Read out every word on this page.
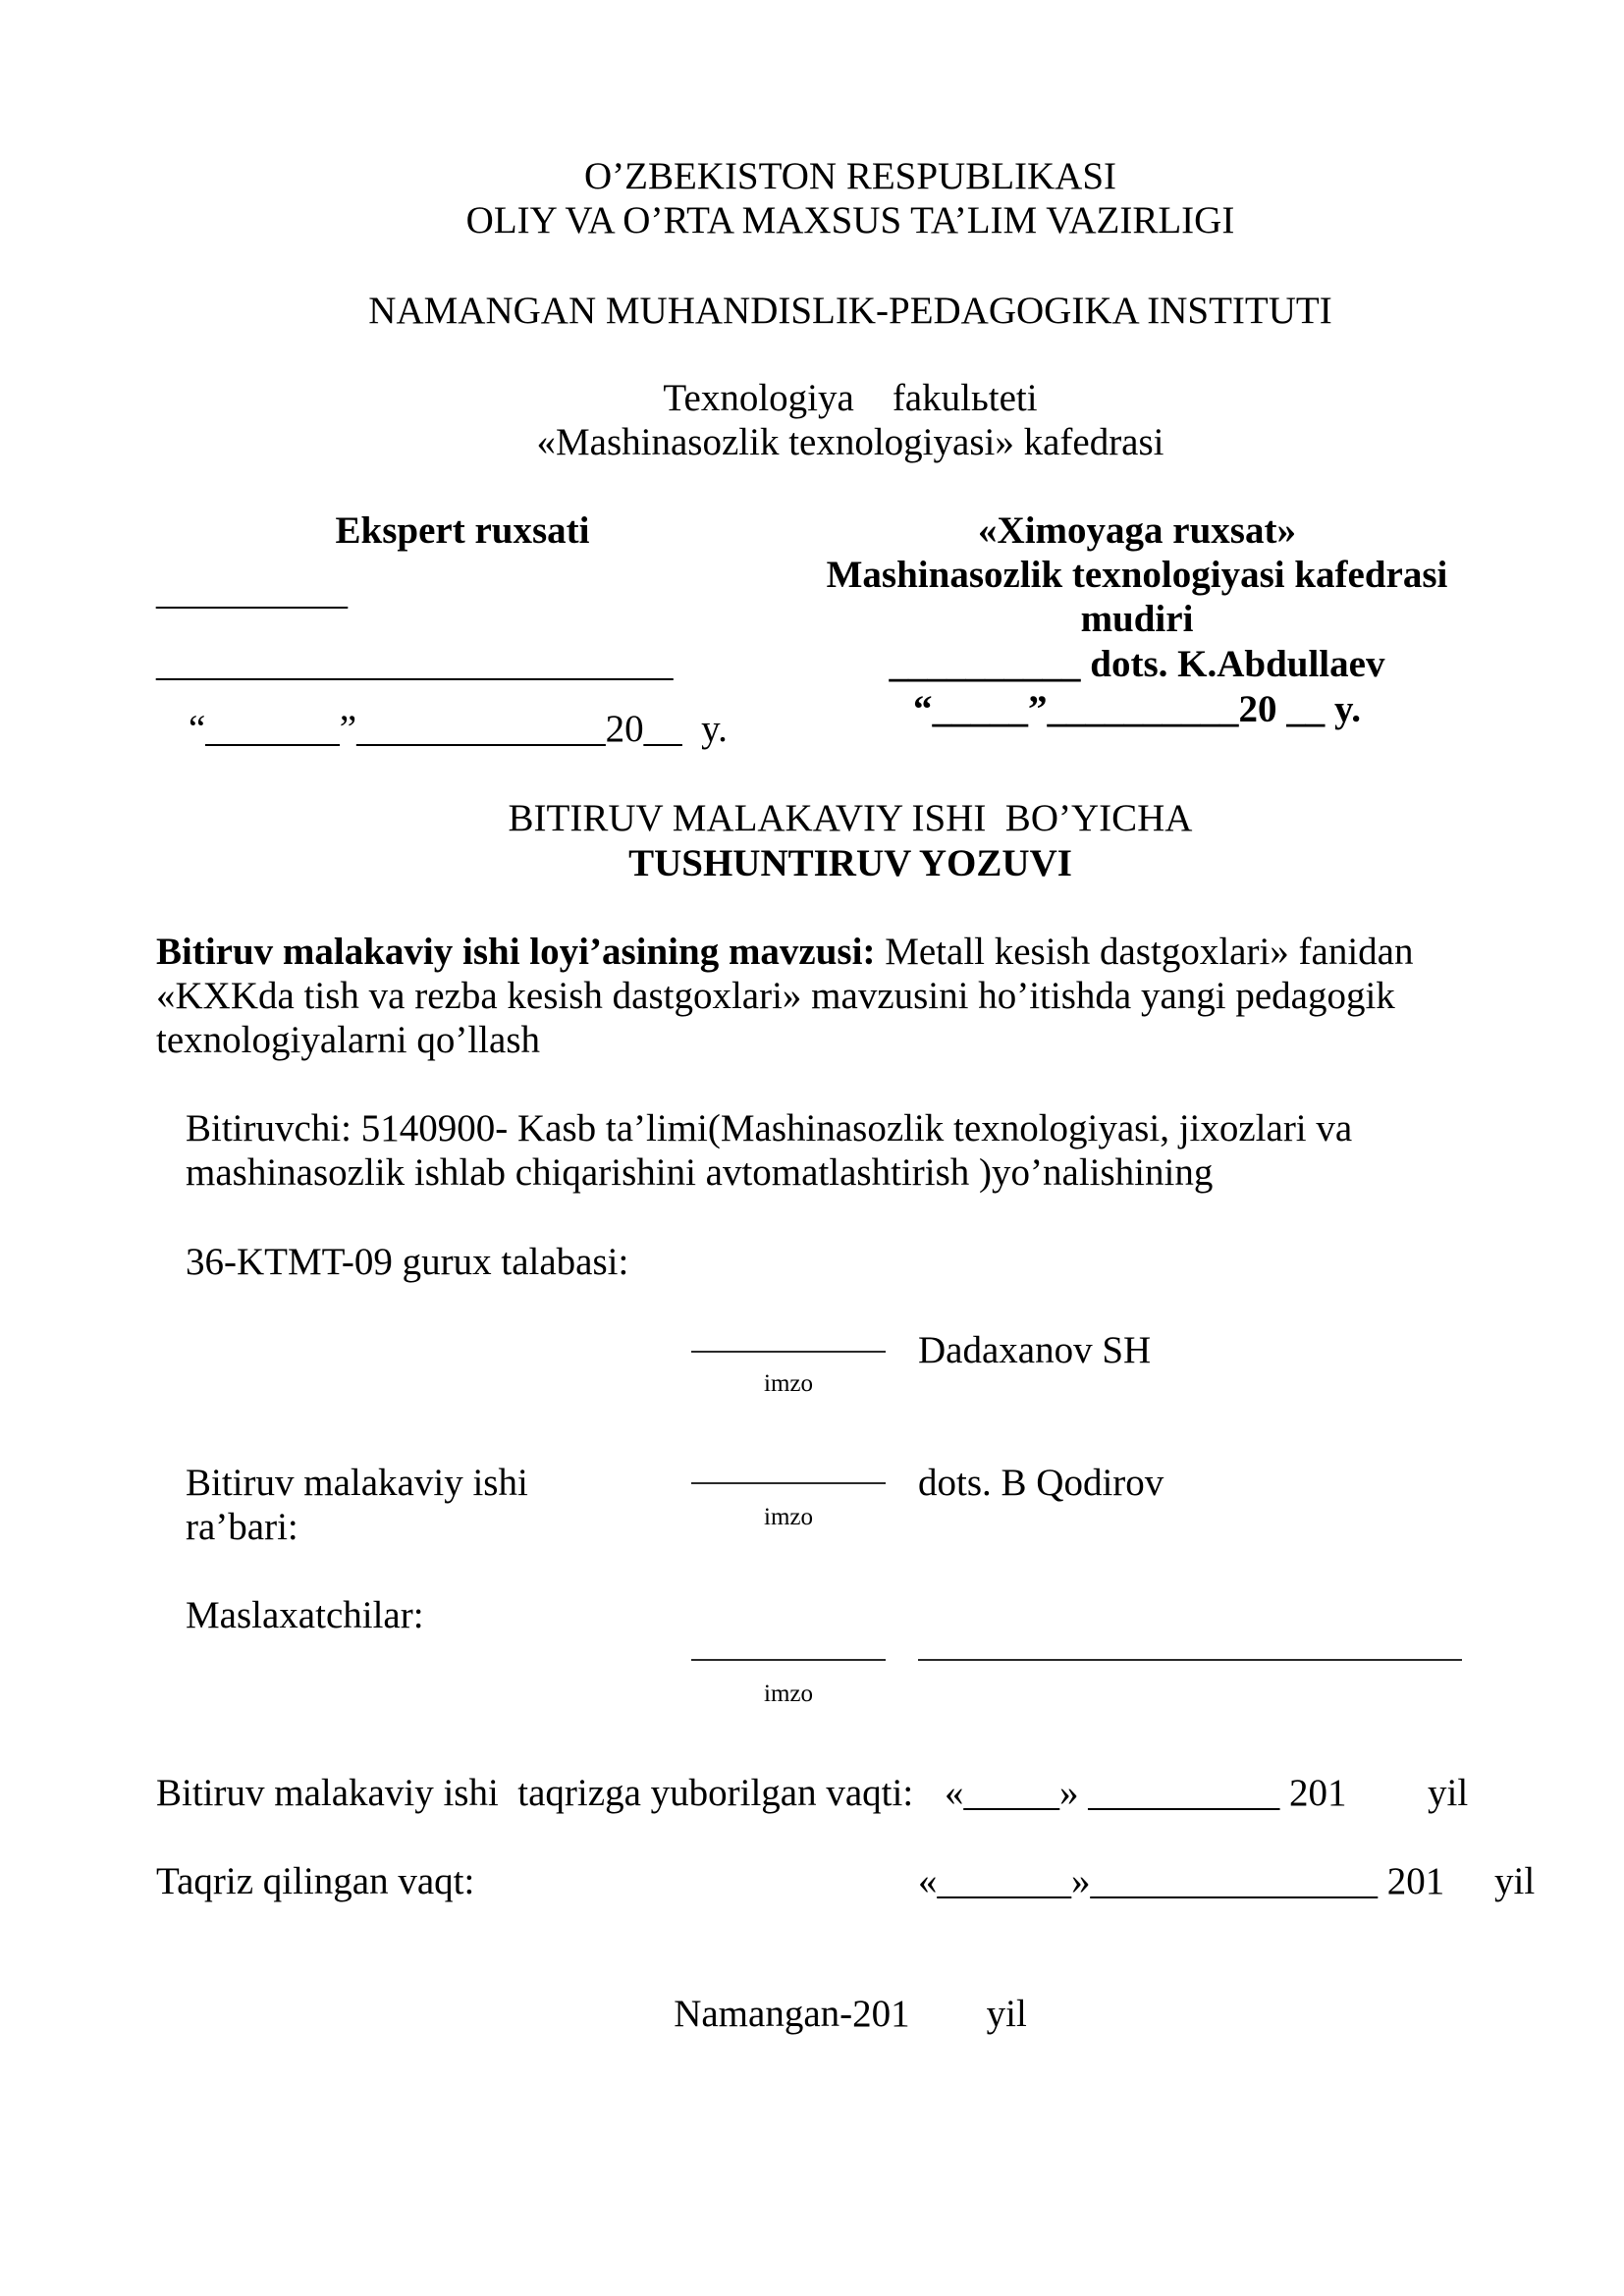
O’ZBEKISTON RESPUBLIKASI
OLIY VA O’RTA MAXSUS TA’LIM VAZIRLIGI
NAMANGAN MUHANDISLIK-PEDAGOGIKA INSTITUTI
Texnologiya    fakulьteti
«Mashinasozlik texnologiyasi» kafedrasi
Ekspert ruxsati
__________
___________________________
“_______”_____________20__  y.
«Ximoyaga ruxsat»
Mashinasozlik texnologiyasi kafedrasi
mudiri
__________ dots. K.Abdullaev
“_____”__________20 __ y.
BITIRUV MALAKAVIY ISHI  BO’YICHA
TUSHUNTIRUV YOZUVI
Bitiruv malakaviy ishi loyi’asining mavzusi: Metall kesish dastgoxlari» fanidan
«KXKda tish va rezba kesish dastgoxlari» mavzusini ho’itishda yangi pedagogik
texnologiyalarni qo’llash
Bitiruvchi: 5140900- Kasb ta’limi(Mashinasozlik texnologiyasi, jixozlari va
mashinasozlik ishlab chiqarishini avtomatlashtirish )yo’nalishining
36-KTMT-09 gurux talabasi:
imzo
Dadaxanov SH
Bitiruv malakaviy ishi
ra’bari:	imzo
dots. B Qodirov
Maslaxatchilar:
imzo
Bitiruv malakaviy ishi  taqrizga yuborilgan vaqti: «_____» __________ 201 yil
Taqriz qilingan vaqt:	«_______»_______________ 201 yil
Namangan-201        yil
